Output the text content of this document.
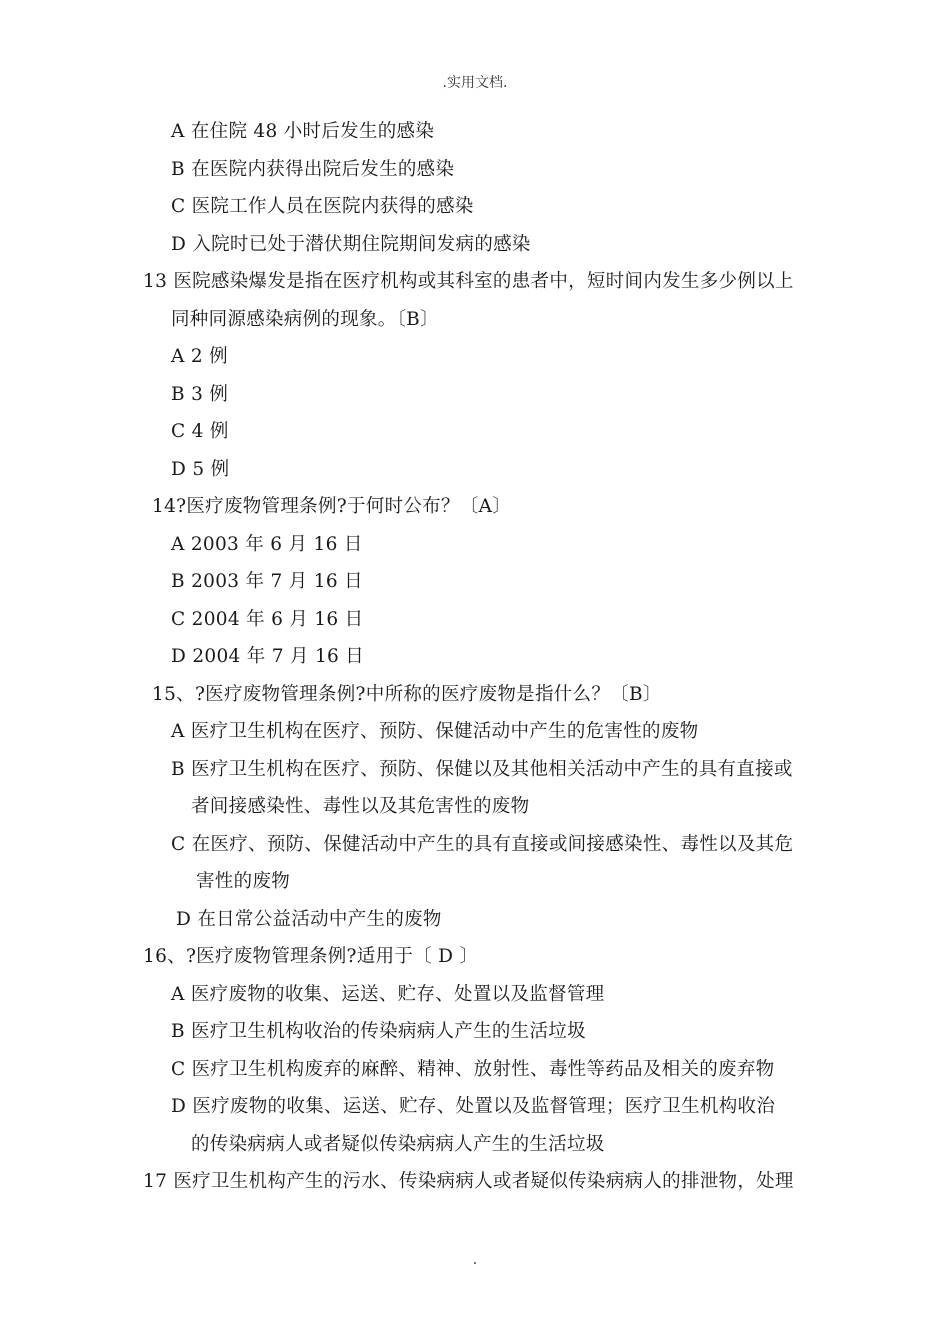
.实用文档.
A 在住院 48 小时后发生的感染
B 在医院内获得出院后发生的感染
C 医院工作人员在医院内获得的感染
D 入院时已处于潜伏期住院期间发病的感染
13 医院感染爆发是指在医疗机构或其科室的患者中，短时间内发生多少例以上
同种同源感染病例的现象。〔B〕
A 2 例
B 3 例
C 4 例
D 5 例
14?医疗废物管理条例?于何时公布？〔A〕
A 2003 年 6 月 16 日
B 2003 年 7 月 16 日
C 2004 年 6 月 16 日
D 2004 年 7 月 16 日
15、?医疗废物管理条例?中所称的医疗废物是指什么？〔B〕
A 医疗卫生机构在医疗、预防、保健活动中产生的危害性的废物
B 医疗卫生机构在医疗、预防、保健以及其他相关活动中产生的具有直接或
者间接感染性、毒性以及其危害性的废物
C 在医疗、预防、保健活动中产生的具有直接或间接感染性、毒性以及其危
害性的废物
D 在日常公益活动中产生的废物
16、?医疗废物管理条例?适用于〔 D 〕
A 医疗废物的收集、运送、贮存、处置以及监督管理
B 医疗卫生机构收治的传染病病人产生的生活垃圾
C 医疗卫生机构废弃的麻醉、精神、放射性、毒性等药品及相关的废弃物
D 医疗废物的收集、运送、贮存、处置以及监督管理；医疗卫生机构收治
的传染病病人或者疑似传染病病人产生的生活垃圾
17 医疗卫生机构产生的污水、传染病病人或者疑似传染病病人的排泄物，处理
.
